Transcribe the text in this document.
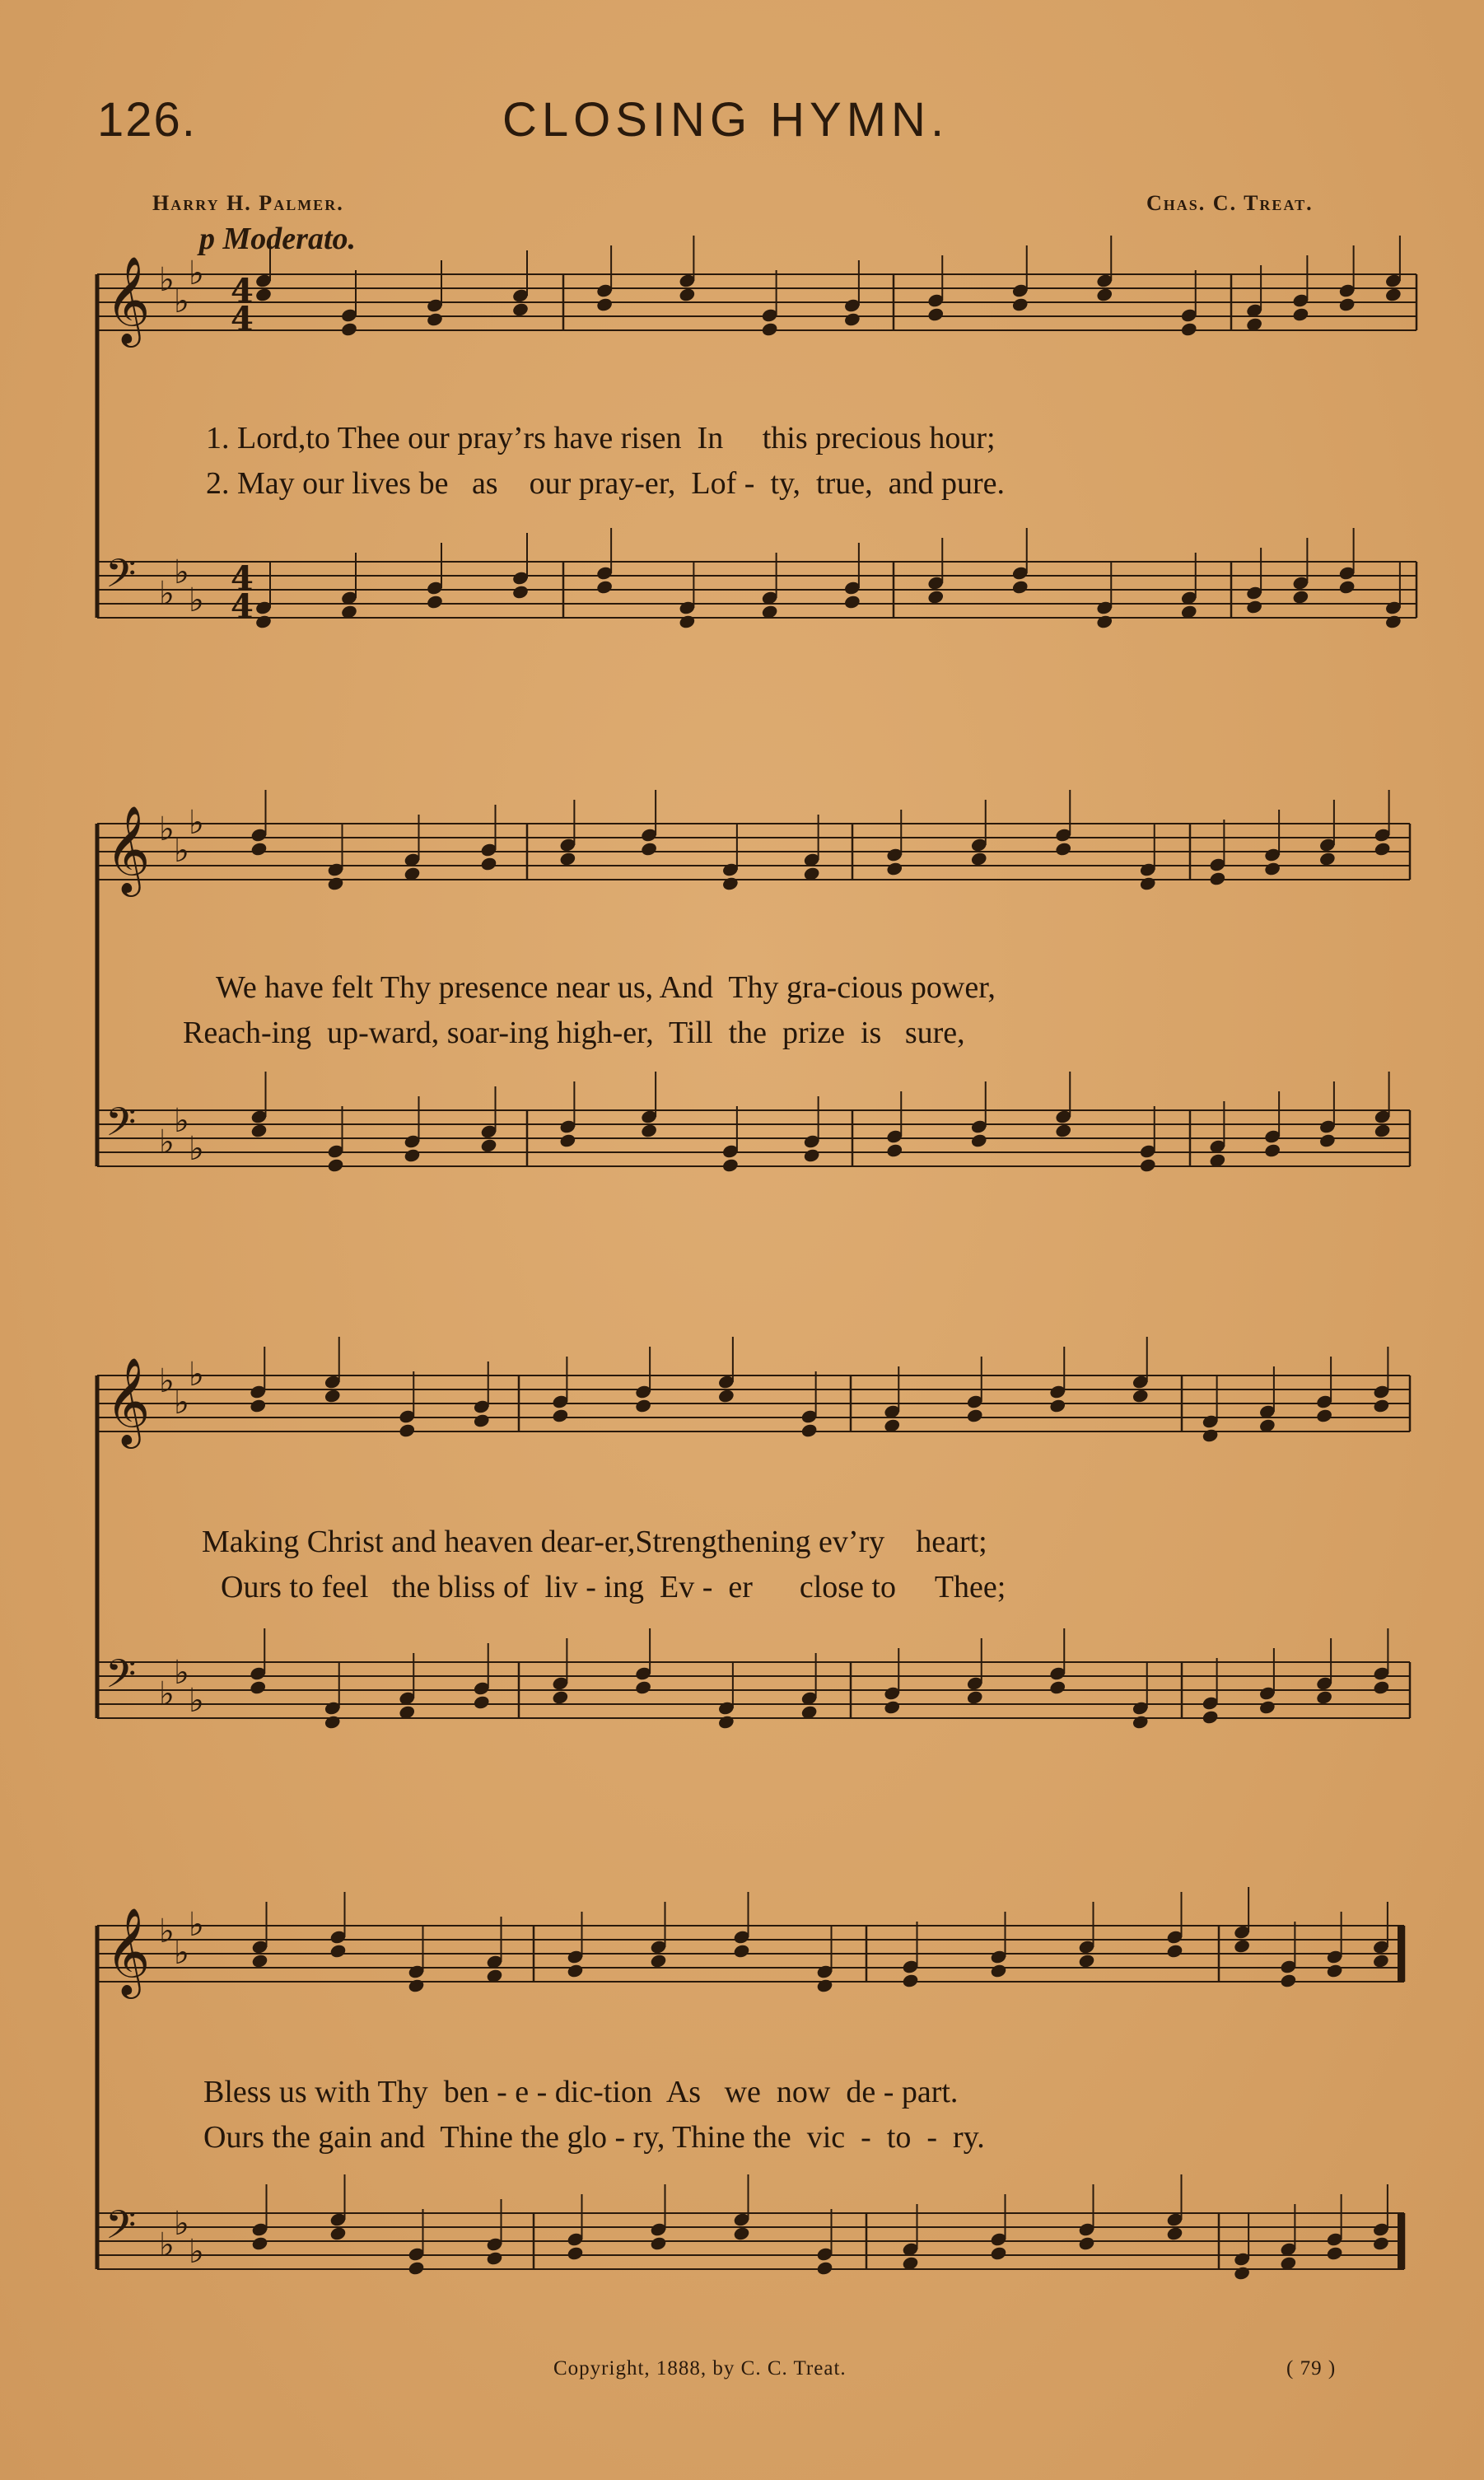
126.	CLOSING HYMN.
Harry H. Palmer.	Chas. C. Treat.
p Moderato.
𝄞 ♭
♭
♭
𝄢 ♭
♭
♭
𝄞 ♭
♭
♭
𝄢 ♭
♭
♭
𝄞 ♭
♭
♭
𝄢 ♭
♭
♭
𝄞 ♭
♭
♭
𝄢 ♭
♭
♭
4
4
4
4
1. Lord,to Thee our pray’rs have risen  In     this precious hour;
2. May our lives be   as    our pray-er,  Lof -  ty,  true,  and pure.
We have felt Thy presence near us, And  Thy gra-cious power,
Reach-ing  up-ward, soar-ing high-er,  Till  the  prize  is   sure,
Making Christ and heaven dear-er,Strengthening ev’ry    heart;
Ours to feel   the bliss of  liv - ing  Ev -  er      close to     Thee;
Bless us with Thy  ben - e - dic-tion  As   we  now  de - part.
Ours the gain and  Thine the glo - ry, Thine the  vic  -  to  -  ry.
Copyright, 1888, by C. C. Treat.	( 79 )
